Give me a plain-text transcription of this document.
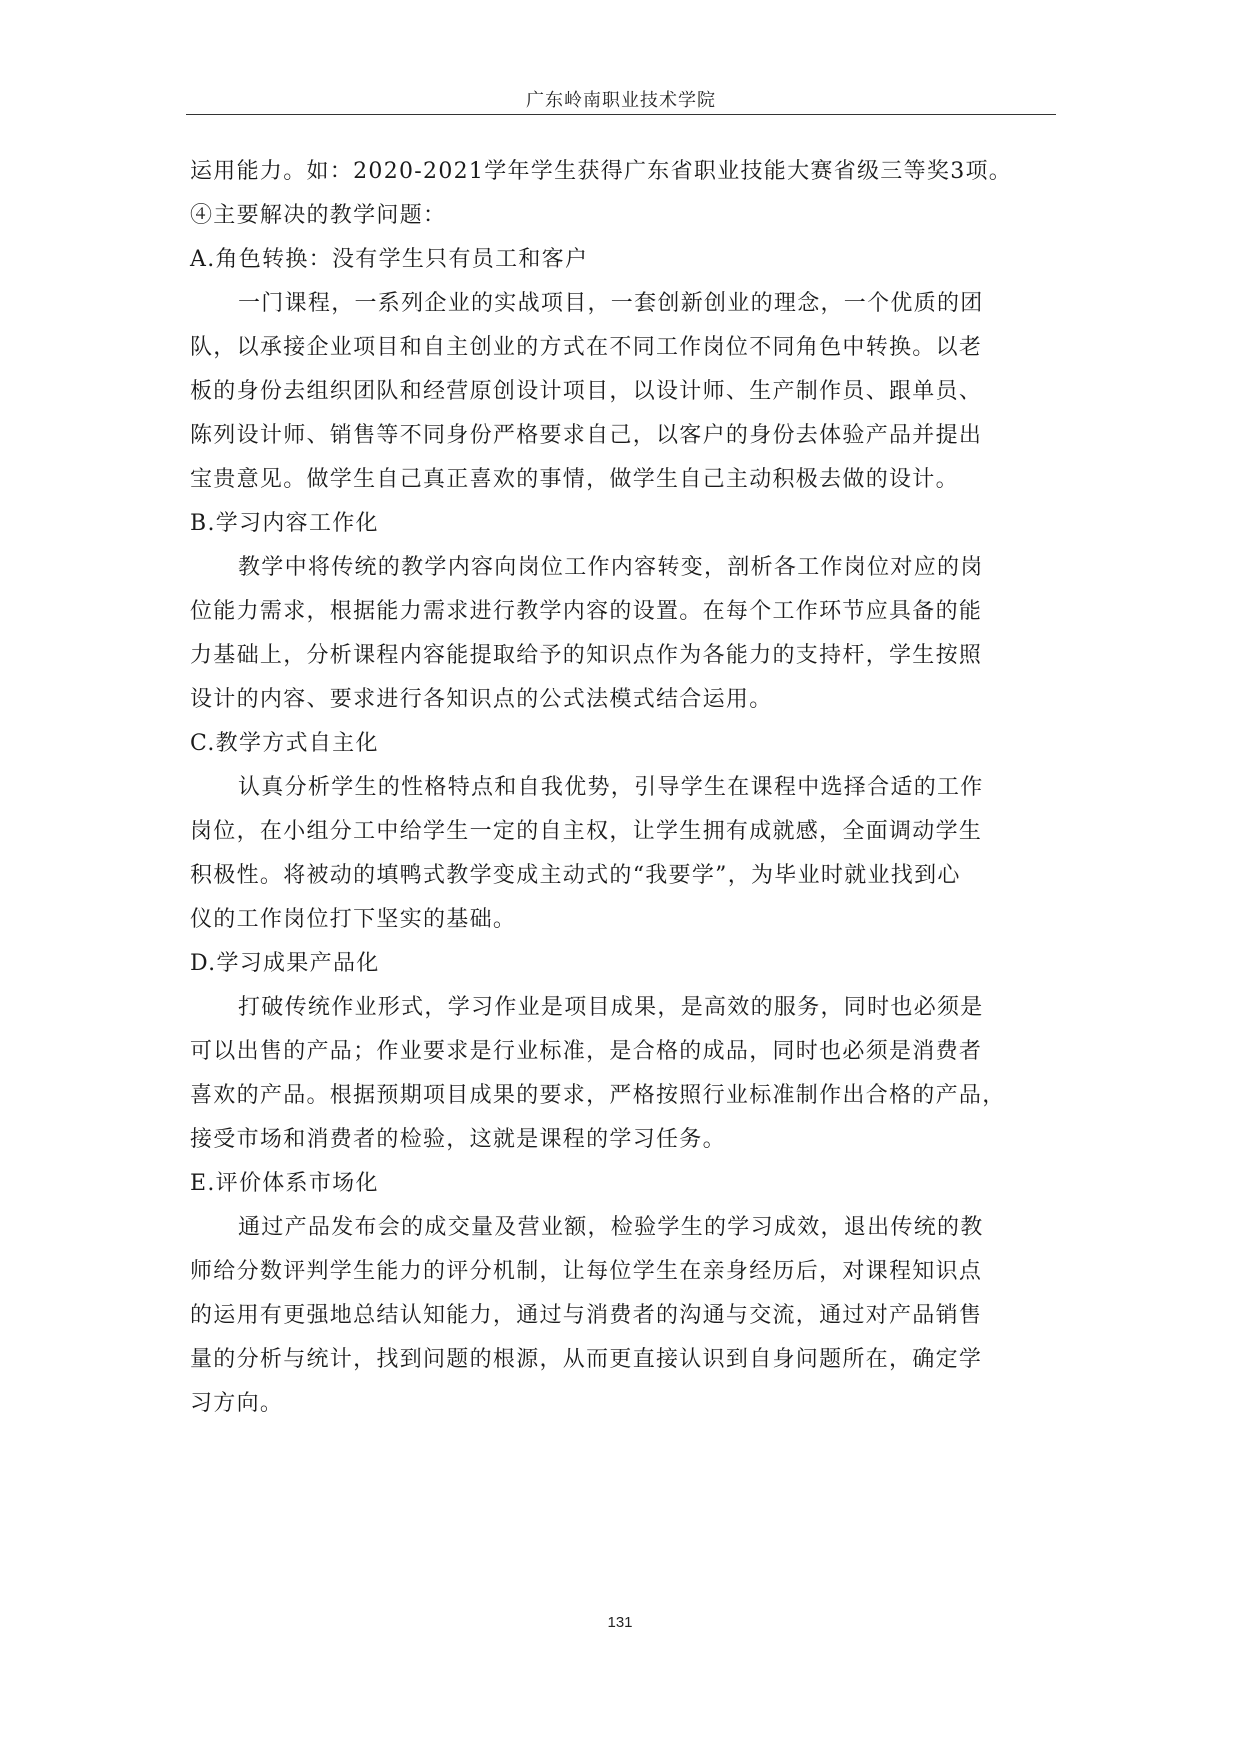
广东岭南职业技术学院
运用能力。如：2020-2021学年学生获得广东省职业技能大赛省级三等奖3项。
④主要解决的教学问题：
A.角色转换：没有学生只有员工和客户
一门课程，一系列企业的实战项目，一套创新创业的理念，一个优质的团
队，以承接企业项目和自主创业的方式在不同工作岗位不同角色中转换。以老
板的身份去组织团队和经营原创设计项目，以设计师、生产制作员、跟单员、
陈列设计师、销售等不同身份严格要求自己，以客户的身份去体验产品并提出
宝贵意见。做学生自己真正喜欢的事情，做学生自己主动积极去做的设计。
B.学习内容工作化
教学中将传统的教学内容向岗位工作内容转变，剖析各工作岗位对应的岗
位能力需求，根据能力需求进行教学内容的设置。在每个工作环节应具备的能
力基础上，分析课程内容能提取给予的知识点作为各能力的支持杆，学生按照
设计的内容、要求进行各知识点的公式法模式结合运用。
C.教学方式自主化
认真分析学生的性格特点和自我优势，引导学生在课程中选择合适的工作
岗位，在小组分工中给学生一定的自主权，让学生拥有成就感，全面调动学生
积极性。将被动的填鸭式教学变成主动式的“我要学”，为毕业时就业找到心
仪的工作岗位打下坚实的基础。
D.学习成果产品化
打破传统作业形式，学习作业是项目成果，是高效的服务，同时也必须是
可以出售的产品；作业要求是行业标准，是合格的成品，同时也必须是消费者
喜欢的产品。根据预期项目成果的要求，严格按照行业标准制作出合格的产品，
接受市场和消费者的检验，这就是课程的学习任务。
E.评价体系市场化
通过产品发布会的成交量及营业额，检验学生的学习成效，退出传统的教
师给分数评判学生能力的评分机制，让每位学生在亲身经历后，对课程知识点
的运用有更强地总结认知能力，通过与消费者的沟通与交流，通过对产品销售
量的分析与统计，找到问题的根源，从而更直接认识到自身问题所在，确定学
习方向。
131
